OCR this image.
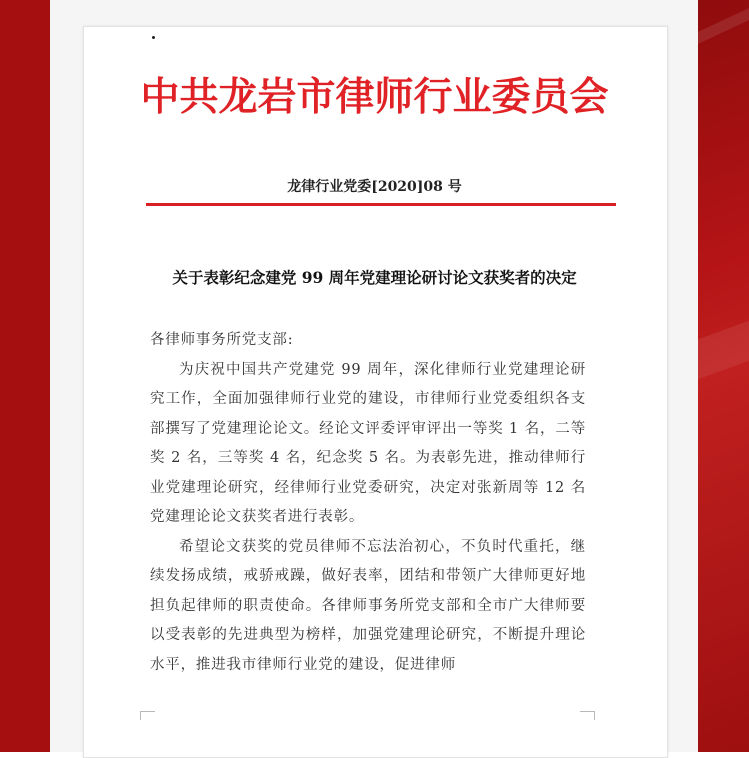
中共龙岩市律师行业委员会
龙律行业党委[2020]08 号
关于表彰纪念建党 99 周年党建理论研讨论文获奖者的决定

各律师事务所党支部:

为庆祝中国共产党建党 99 周年，深化律师行业党建理论研究工作，全面加强律师行业党的建设，市律师行业党委组织各支部撰写了党建理论论文。经论文评委评审评出一等奖 1 名，二等奖 2 名，三等奖 4 名，纪念奖 5 名。为表彰先进，推动律师行业党建理论研究，经律师行业党委研究，决定对张新周等 12 名党建理论论文获奖者进行表彰。

希望论文获奖的党员律师不忘法治初心，不负时代重托，继续发扬成绩，戒骄戒躁，做好表率，团结和带领广大律师更好地担负起律师的职责使命。各律师事务所党支部和全市广大律师要以受表彰的先进典型为榜样，加强党建理论研究，不断提升理论水平，推进我市律师行业党的建设，促进律师
